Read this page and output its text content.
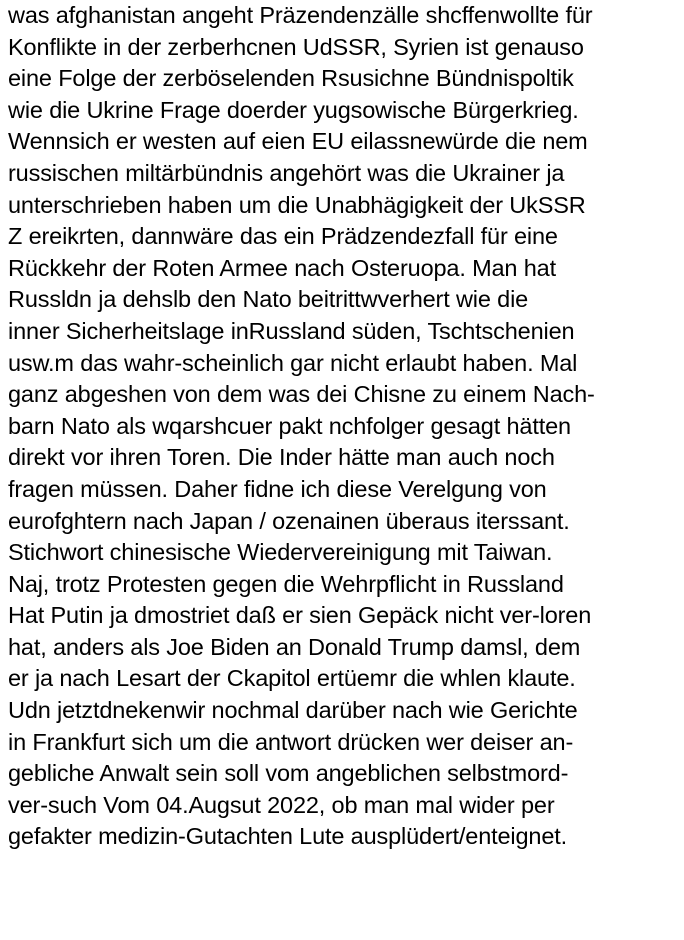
was afghanistan angeht Präzendenzälle shcffenwollte für
Konflikte in der zerberhcnen UdSSR, Syrien ist genauso
eine Folge der zerböselenden Rsusichne Bündnispoltik
wie die Ukrine Frage doerder yugsowische Bürgerkrieg.
Wennsich er westen auf eien EU eilassnewürde die nem
russischen miltärbündnis angehört was die Ukrainer ja
unterschrieben haben um die Unabhägigkeit der UkSSR
Z ereikrten, dannwäre das ein Prädzendezfall für eine
Rückkehr der Roten Armee nach Osteruopa. Man hat
Russldn ja dehslb den Nato beitrittwverhert wie die
inner Sicherheitslage inRussland süden, Tschtschenien
usw.m das wahr-scheinlich gar nicht erlaubt haben. Mal
ganz abgeshen von dem was dei Chisne zu einem Nach-
barn Nato als wqarshcuer pakt nchfolger gesagt hätten
direkt vor ihren Toren. Die Inder hätte man auch noch
fragen müssen. Daher fidne ich diese Verelgung von
eurofghtern nach Japan / ozenainen überaus iterssant.
Stichwort chinesische Wiedervereinigung mit Taiwan.
Naj, trotz Protesten gegen die Wehrpflicht in Russland
Hat Putin ja dmostriet daß er sien Gepäck nicht ver-loren
hat, anders als Joe Biden an Donald Trump damsl, dem
er ja nach Lesart der Ckapitol ertüemr die whlen klaute.
Udn jetztdnekenwir nochmal darüber nach wie Gerichte
in Frankfurt sich um die antwort drücken wer deiser an-
gebliche Anwalt sein soll vom angeblichen selbstmord-
ver-such Vom 04.Augsut 2022, ob man mal wider per
gefakter medizin-Gutachten Lute ausplüdert/enteignet.
